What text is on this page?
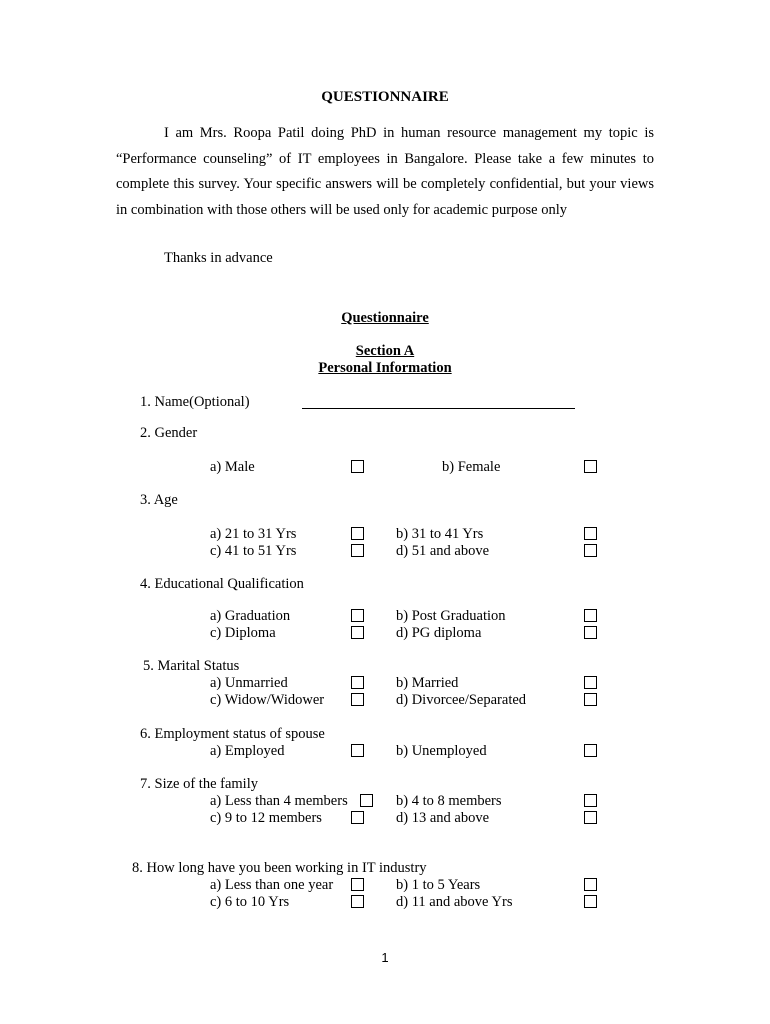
QUESTIONNAIRE

I am Mrs. Roopa Patil doing PhD in human resource management my topic is “Performance counseling” of IT employees in Bangalore. Please take a few minutes to complete this survey. Your specific answers will be completely confidential, but your views in combination with those others will be used only for academic purpose only

Thanks in advance
Questionnaire
Section A
Personal Information
1. Name(Optional)
2. Gender
a) Male	b) Female
3. Age
a) 21 to 31 Yrs	b) 31 to 41 Yrs
c) 41 to 51 Yrs	d) 51 and above
4. Educational Qualification
a) Graduation	b) Post Graduation
c) Diploma	d) PG diploma
5. Marital Status
a) Unmarried	b) Married
c) Widow/Widower	d) Divorcee/Separated
6. Employment status of spouse
a) Employed	b) Unemployed
7. Size of the family
a) Less than 4 members	b) 4 to 8 members
c) 9 to 12 members	d) 13 and above
8. How long have you been working in IT industry
a) Less than one year	b) 1 to 5 Years
c) 6 to 10 Yrs	d) 11 and above Yrs
1
